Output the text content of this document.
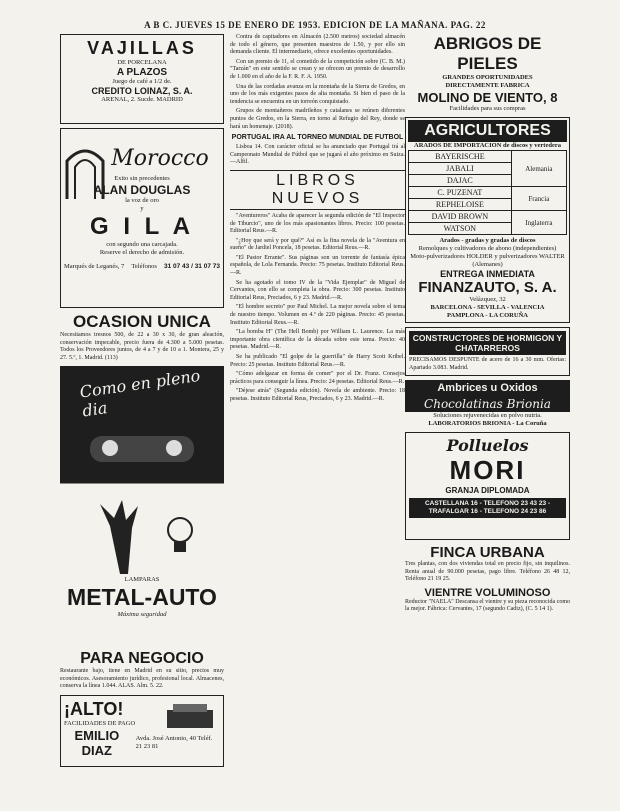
A B C. JUEVES 15 DE ENERO DE 1953. EDICION DE LA MAÑANA. PAG. 22
VAJILLAS
DE PORCELANA
A PLAZOS
Juego de café a 1/2 de.
CREDITO LOINAZ, S. A.
ARENAL, 2. Sucde. MADRID
Morocco
Exito sin precedentes
ALAN DOUGLAS
la voz de oro
y
G I L A
con segundo una carcajada.
Reserve el derecho de admisión.
Marqués de Leganés, 7 Teléfonos 31 07 43 / 31 07 73
OCASION UNICA
Necesitamos tresnos 500, de 22 a 30 x 30, de gran aleación, conservación impecable, precio fuera de 4.300 a 5.000 pesetas. Todos los Proveedores juntos, de 4 a 7 y de 10 a 1. Montera, 25 y 27. 5.º, 1. Madrid. (113)
Como en pleno dia
LAMPARAS
METAL-AUTO
Máxima seguridad
PARA NEGOCIO
Restaurante bajo, tiene en Madrid en su sitio, precios muy económicos. Asesoramiento jurídico, profesional local. Almacenes, conserva la línea 1.044. ALAS. Alm. 5. 22.
¡ALTO!
FACILIDADES DE PAGO
EMILIO DIAZ
Avda. José Antonio, 40 Teléf. 21 23 81

Contra de capitadores en Almacén (2.500 metros) sociedad almacén de todo el género, que presenten maestros de 1.50, y por ello sin demanda cliente. El intermediario, ofrece excelentes oportunidades.

Con un premio de 11, el cometido de la competición sobre (C. B. M.) "Tarzán" en este sentido se crean y se ofrecen un premio de desarrollo de 1.000 en el año de la F. R. F. A. 1950.

Una de las cordadas avanza en la montaña de la Sierra de Gredos, en uno de los más exigentes pasos de alta montaña. Si bien el paso de la tendencia se encuentra en un torreón conquistado.

Grupos de montañeros madrileños y catalanes se reúnen diferentes puntos de Gredos, en la Sierra, en torno al Refugio del Rey, donde se hará un homenaje. (2018).

PORTUGAL IRA AL TORNEO MUNDIAL DE FUTBOL

Lisboa 14. Con carácter oficial se ha anunciado que Portugal irá al Campeonato Mundial de Fútbol que se jugará el año próximo en Suiza.—Alfil.

LIBROS NUEVOS

"Aventureros" Acaba de aparecer la segunda edición de "El Inspector de Tiburcio", uno de los más apasionantes libros. Precio: 100 pesetas. Editorial Reus.—R.

"¿Hoy que será y por qué?" Así es la fina novela de la "Aventura en sueño" de Jardiel Poncela, 18 pesetas. Editorial Reus.—R.

"El Pastor Errante". Sus páginas son un torrente de fantasía épica española, de Lola Fernanda. Precio: 75 pesetas. Instituto Editorial Reus.—R.

Se ha agotado el tomo IV de la "Vida Ejemplar" de Miguel de Cervantes, con ello se completa la obra. Precio: 300 pesetas. Instituto Editorial Reus, Preciados, 6 y 23. Madrid.—R.

"El hombre secreto" por Paul Michel. La mejor novela sobre el tema de nuestro tiempo. Volumen en 4.º de 220 páginas. Precio: 45 pesetas. Instituto Editorial Reus.—R.

"La bomba H" (The Hell Bomb) por William L. Laurence. La más importante obra científica de la década sobre este tema. Precio: 40 pesetas. Madrid.—R.

Se ha publicado "El golpe de la guerrilla" de Harry Scott Kribel. Precio: 25 pesetas. Instituto Editorial Reus.—R.

"Cómo adelgazar en forma de comer" por el Dr. Franz. Consejos prácticos para conseguir la línea. Precio: 24 pesetas. Editorial Reus.—R.

"Déjese atrás" (Segunda edición). Novela de ambiente. Precio: 18 pesetas. Instituto Editorial Reus, Preciados, 6 y 23. Madrid.—R.

ABRIGOS DE PIELES
GRANDES OPORTUNIDADES
DIRECTAMENTE FABRICA
MOLINO DE VIENTO, 8
Facilidades para sus compras
AGRICULTORES
ARADOS DE IMPORTACION de discos y vertedera
BAYERISCHE	Alemania
JABALI	
DAJAC	
C. PUZENAT	Francia
REPHELOISE	
DAVID BROWN	Inglaterra
WATSON	
Arados - gradas y gradas de discos
Remolques y cultivadores de abono (independientes)
Moto-pulverizadores HOLDER y pulverizadores WALTER (Alemanes)
ENTREGA INMEDIATA
FINANZAUTO, S. A.
Velázquez, 32
BARCELONA - SEVILLA - VALENCIA
PAMPLONA - LA CORUÑA
CONSTRUCTORES DE HORMIGON Y CHATARREROS
PRECISAMOS DESPUNTE de acero de 16 a 30 mm. Ofertas: Apartado 3.083. Madrid.
Ambrices u Oxidos
Chocolatinas Brionia
Soluciones rejuvenecidas en polvo nutria.
LABORATORIOS BRIONIA - La Coruña
Polluelos
MORI
GRANJA DIPLOMADA
CASTELLANA 16 - TELEFONO 23 43 23 - TRAFALGAR 16 - TELEFONO 24 23 86
FINCA URBANA
Tres plantas, con dos viviendas total en precio fijo, sin inquilinos. Renta anual de 90.000 pesetas, pago libre. Teléfono 26 48 12, Teléfono 21 19 25.
VIENTRE VOLUMINOSO
Reductor "NAELA" Descansa el vientre y su pieza reconocida como la mejor. Fábrica: Cervantes, 17 (segundo Cadiz), (C. 5 14 1).
